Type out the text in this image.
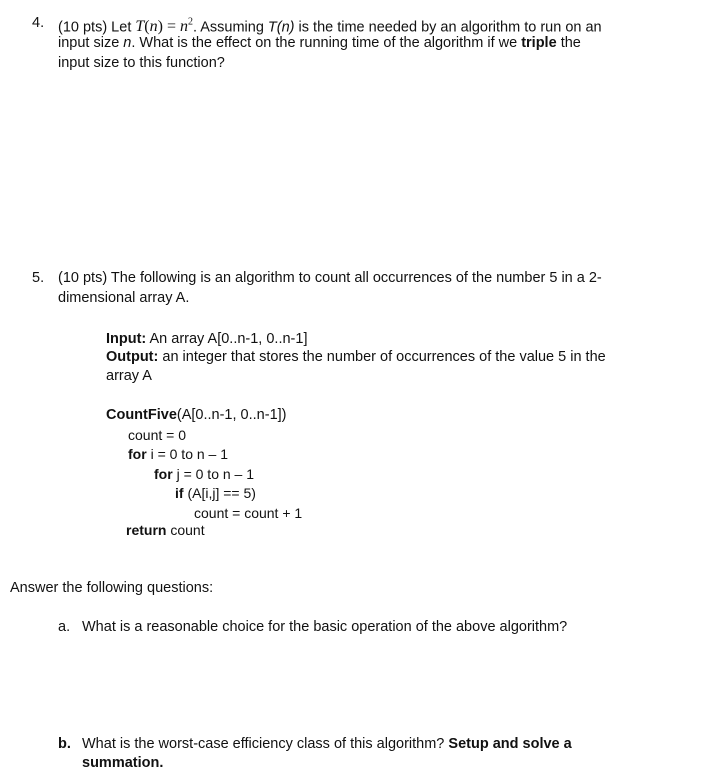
4. (10 pts) Let $T(n) = n^2$. Assuming T(n) is the time needed by an algorithm to run on an
input size n. What is the effect on the running time of the algorithm if we triple the
input size to this function?
5. (10 pts) The following is an algorithm to count all occurrences of the number 5 in a 2-
dimensional array A.
Input: An array A[0..n-1, 0..n-1]
Output: an integer that stores the number of occurrences of the value 5 in the
array A
CountFive(A[0..n-1, 0..n-1])
count = 0
for i = 0 to n – 1
for j = 0 to n – 1
if (A[i,j] == 5)
count = count + 1
return count
Answer the following questions:
a. What is a reasonable choice for the basic operation of the above algorithm?
b. What is the worst-case efficiency class of this algorithm? Setup and solve a
summation.
